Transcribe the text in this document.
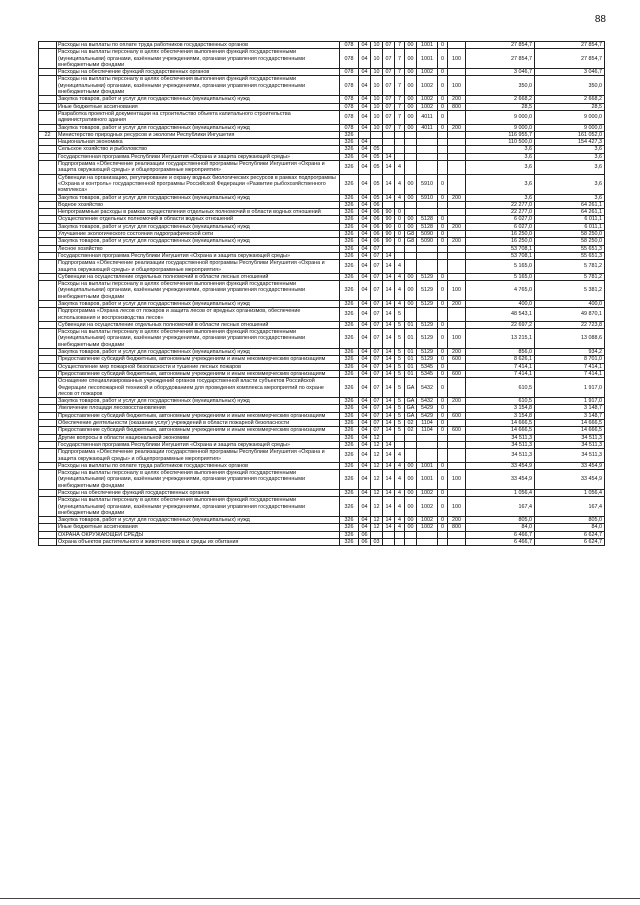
88
	Расходы на выплаты по оплате труда работников государственных органов	078	04	10	07	7	00	1001	0		27 854,7	27 854,7
	Расходы на выплаты персоналу в целях обеспечения выполнения функций государственными (муниципальными) органами, казёнными учреждениями, органами управления государственными внебюджетными фондами	078	04	10	07	7	00	1001	0	100	27 854,7	27 854,7
	Расходы на обеспечение функций государственных органов	078	04	10	07	7	00	1002	0		3 046,7	3 046,7
	Расходы на выплаты персоналу в целях обеспечения выполнения функций государственными (муниципальными) органами, казёнными учреждениями, органами управления государственными внебюджетными фондами	078	04	10	07	7	00	1002	0	100	350,0	350,0
	Закупка товаров, работ и услуг для государственных (муниципальных) нужд	078	04	10	07	7	00	1002	0	200	2 668,2	2 668,2
	Иные бюджетные ассигнования	078	04	10	07	7	00	1002	0	800	28,5	28,5
	Разработка проектной документации на строительство объекта капитального строительства административного здания	078	04	10	07	7	00	4011	0		9 000,0	9 000,0
	Закупка товаров, работ и услуг для государственных (муниципальных) нужд	078	04	10	07	7	00	4011	0	200	9 000,0	9 000,0
22	Министерство природных ресурсов и экологии Республики Ингушетия	326									116 955,7	161 052,0
	Национальная экономика	326	04								110 500,0	154 427,3
	Сельское хозяйство и рыболовство	326	04	05							3,6	3,6
	Государственная программа Республики Ингушетия «Охрана и защита окружающей среды»	326	04	05	14						3,6	3,6
	Подпрограмма «Обеспечение реализации государственной программы Республики Ингушетия «Охрана и защита окружающей среды» и общепрограммные мероприятия»	326	04	05	14	4					3,6	3,6
	Субвенции на организацию, регулирование и охрану водных биологических ресурсов в рамках подпрограммы «Охрана и контроль» государственной программы Российской Федерации «Развитие рыбохозяйственного комплекса»	326	04	05	14	4	00	5910	0		3,6	3,6
	Закупка товаров, работ и услуг для государственных (муниципальных) нужд	326	04	05	14	4	00	5910	0	200	3,6	3,6
	Водное хозяйство	326	04	06							22 277,0	64 261,1
	Непрограммные расходы в рамках осуществления отдельных полномочий в области водных отношений	326	04	06	90	0					22 277,0	64 261,1
	Осуществление отдельных полномочий в области водных отношений	326	04	06	90	0	00	5128	0		6 027,0	6 011,1
	Закупка товаров, работ и услуг для государственных (муниципальных) нужд	326	04	06	90	0	00	5128	0	200	6 027,0	6 011,1
	Улучшение экологического состояния гидрографической сети	326	04	06	90	0	G8	5090	0		16 250,0	58 250,0
	Закупка товаров, работ и услуг для государственных (муниципальных) нужд	326	04	06	90	0	G8	5090	0	200	16 250,0	58 250,0
	Лесное хозяйство	326	04	07							53 708,1	55 651,3
	Государственная программа Республики Ингушетия «Охрана и защита окружающей среды»	326	04	07	14						53 708,1	55 651,3
	Подпрограмма «Обеспечение реализации государственной программы Республики Ингушетия «Охрана и защита окружающей среды» и общепрограммные мероприятия»	326	04	07	14	4					5 165,0	5 781,2
	Субвенции на осуществление отдельных полномочий в области лесных отношений	326	04	07	14	4	00	5129	0		5 165,0	5 781,2
	Расходы на выплаты персоналу в целях обеспечения выполнения функций государственными (муниципальными) органами, казёнными учреждениями, органами управления государственными внебюджетными фондами	326	04	07	14	4	00	5129	0	100	4 765,0	5 381,2
	Закупка товаров, работ и услуг для государственных (муниципальных) нужд	326	04	07	14	4	00	5129	0	200	400,0	400,0
	Подпрограмма «Охрана лесов от пожаров и защита лесов от вредных организмов, обеспечение использования и воспроизводства лесов»	326	04	07	14	5					48 543,1	49 870,1
	Субвенции на осуществление отдельных полномочий в области лесных отношений	326	04	07	14	5	01	5129	0		22 697,2	22 723,8
	Расходы на выплаты персоналу в целях обеспечения выполнения функций государственными (муниципальными) органами, казёнными учреждениями, органами управления государственными внебюджетными фондами	326	04	07	14	5	01	5129	0	100	13 215,1	13 088,6
	Закупка товаров, работ и услуг для государственных (муниципальных) нужд	326	04	07	14	5	01	5129	0	200	856,0	934,2
	Предоставление субсидий бюджетным, автономным учреждениям и иным некоммерческим организациям	326	04	07	14	5	01	5129	0	600	8 626,1	8 701,0
	Осуществление мер пожарной безопасности и тушение лесных пожаров	326	04	07	14	5	01	5345	0		7 414,1	7 414,1
	Предоставление субсидий бюджетным, автономным учреждениям и иным некоммерческим организациям	326	04	07	14	5	01	5345	0	600	7 414,1	7 414,1
	Оснащение специализированных учреждений органов государственной власти субъектов Российской Федерации лесопожарной техникой и оборудованием для проведения комплекса мероприятий по охране лесов от пожаров	326	04	07	14	5	GA	5432	0		610,5	1 917,0
	Закупка товаров, работ и услуг для государственных (муниципальных) нужд	326	04	07	14	5	GA	5432	0	200	610,5	1 917,0
	Увеличение площади лесовосстановления	326	04	07	14	5	GA	5429	0		3 154,8	3 148,7
	Предоставление субсидий бюджетным, автономным учреждениям и иным некоммерческим организациям	326	04	07	14	5	GA	5429	0	600	3 154,8	3 148,7
	Обеспечение деятельности (оказание услуг) учреждений в области пожарной безопасности	326	04	07	14	5	02	1104	0		14 666,5	14 666,5
	Предоставление субсидий бюджетным, автономным учреждениям и иным некоммерческим организациям	326	04	07	14	5	02	1104	0	600	14 666,5	14 666,5
	Другие вопросы в области национальной экономики	326	04	12							34 511,3	34 511,3
	Государственная программа Республики Ингушетия «Охрана и защита окружающей среды»	326	04	12	14						34 511,3	34 511,3
	Подпрограмма «Обеспечение реализации государственной программы Республики Ингушетия «Охрана и защита окружающей среды» и общепрограммные мероприятия»	326	04	12	14	4					34 511,3	34 511,3
	Расходы на выплаты по оплате труда работников государственных органов	326	04	12	14	4	00	1001	0		33 454,9	33 454,9
	Расходы на выплаты персоналу в целях обеспечения выполнения функций государственными (муниципальными) органами, казёнными учреждениями, органами управления государственными внебюджетными фондами	326	04	12	14	4	00	1001	0	100	33 454,9	33 454,9
	Расходы на обеспечение функций государственных органов	326	04	12	14	4	00	1002	0		1 056,4	1 056,4
	Расходы на выплаты персоналу в целях обеспечения выполнения функций государственными (муниципальными) органами, казёнными учреждениями, органами управления государственными внебюджетными фондами	326	04	12	14	4	00	1002	0	100	167,4	167,4
	Закупка товаров, работ и услуг для государственных (муниципальных) нужд	326	04	12	14	4	00	1002	0	200	805,0	805,0
	Иные бюджетные ассигнования	326	04	12	14	4	00	1002	0	800	84,0	84,0
	ОХРАНА ОКРУЖАЮЩЕЙ СРЕДЫ	326	06								6 466,7	6 624,7
	Охрана объектов растительного и животного мира и среды их обитания	326	06	03							6 466,7	6 624,7
